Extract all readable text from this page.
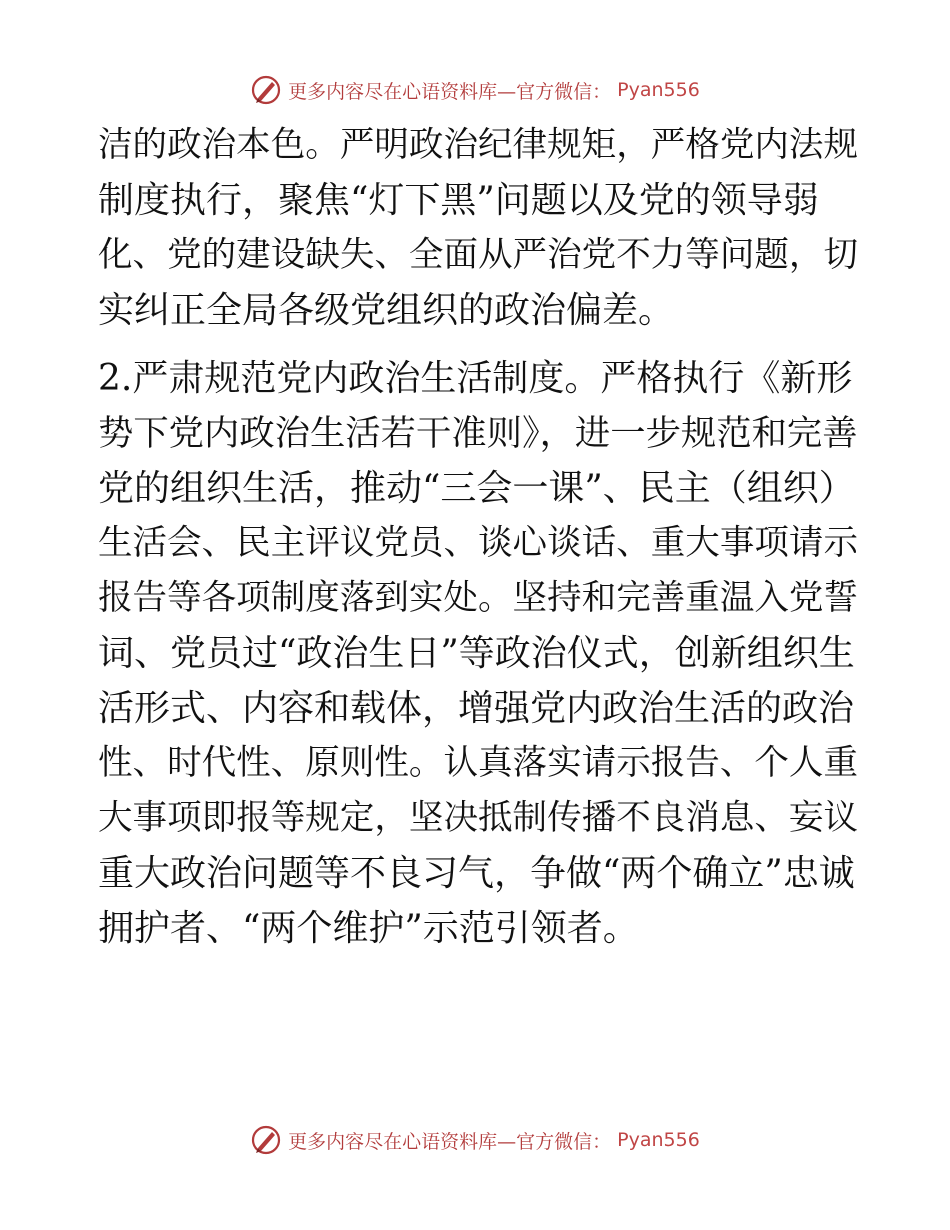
更多内容尽在心语资料库—官方微信： Pyan556
洁的政治本色。严明政治纪律规矩，严格党内法规
制度执行，聚焦“灯下黑”问题以及党的领导弱
化、党的建设缺失、全面从严治党不力等问题，切
实纠正全局各级党组织的政治偏差。
2.严肃规范党内政治生活制度。严格执行《新形
势下党内政治生活若干准则》，进一步规范和完善
党的组织生活，推动“三会一课”、民主（组织）
生活会、民主评议党员、谈心谈话、重大事项请示
报告等各项制度落到实处。坚持和完善重温入党誓
词、党员过“政治生日”等政治仪式，创新组织生
活形式、内容和载体，增强党内政治生活的政治
性、时代性、原则性。认真落实请示报告、个人重
大事项即报等规定，坚决抵制传播不良消息、妄议
重大政治问题等不良习气，争做“两个确立”忠诚
拥护者、“两个维护”示范引领者。
更多内容尽在心语资料库—官方微信： Pyan556
